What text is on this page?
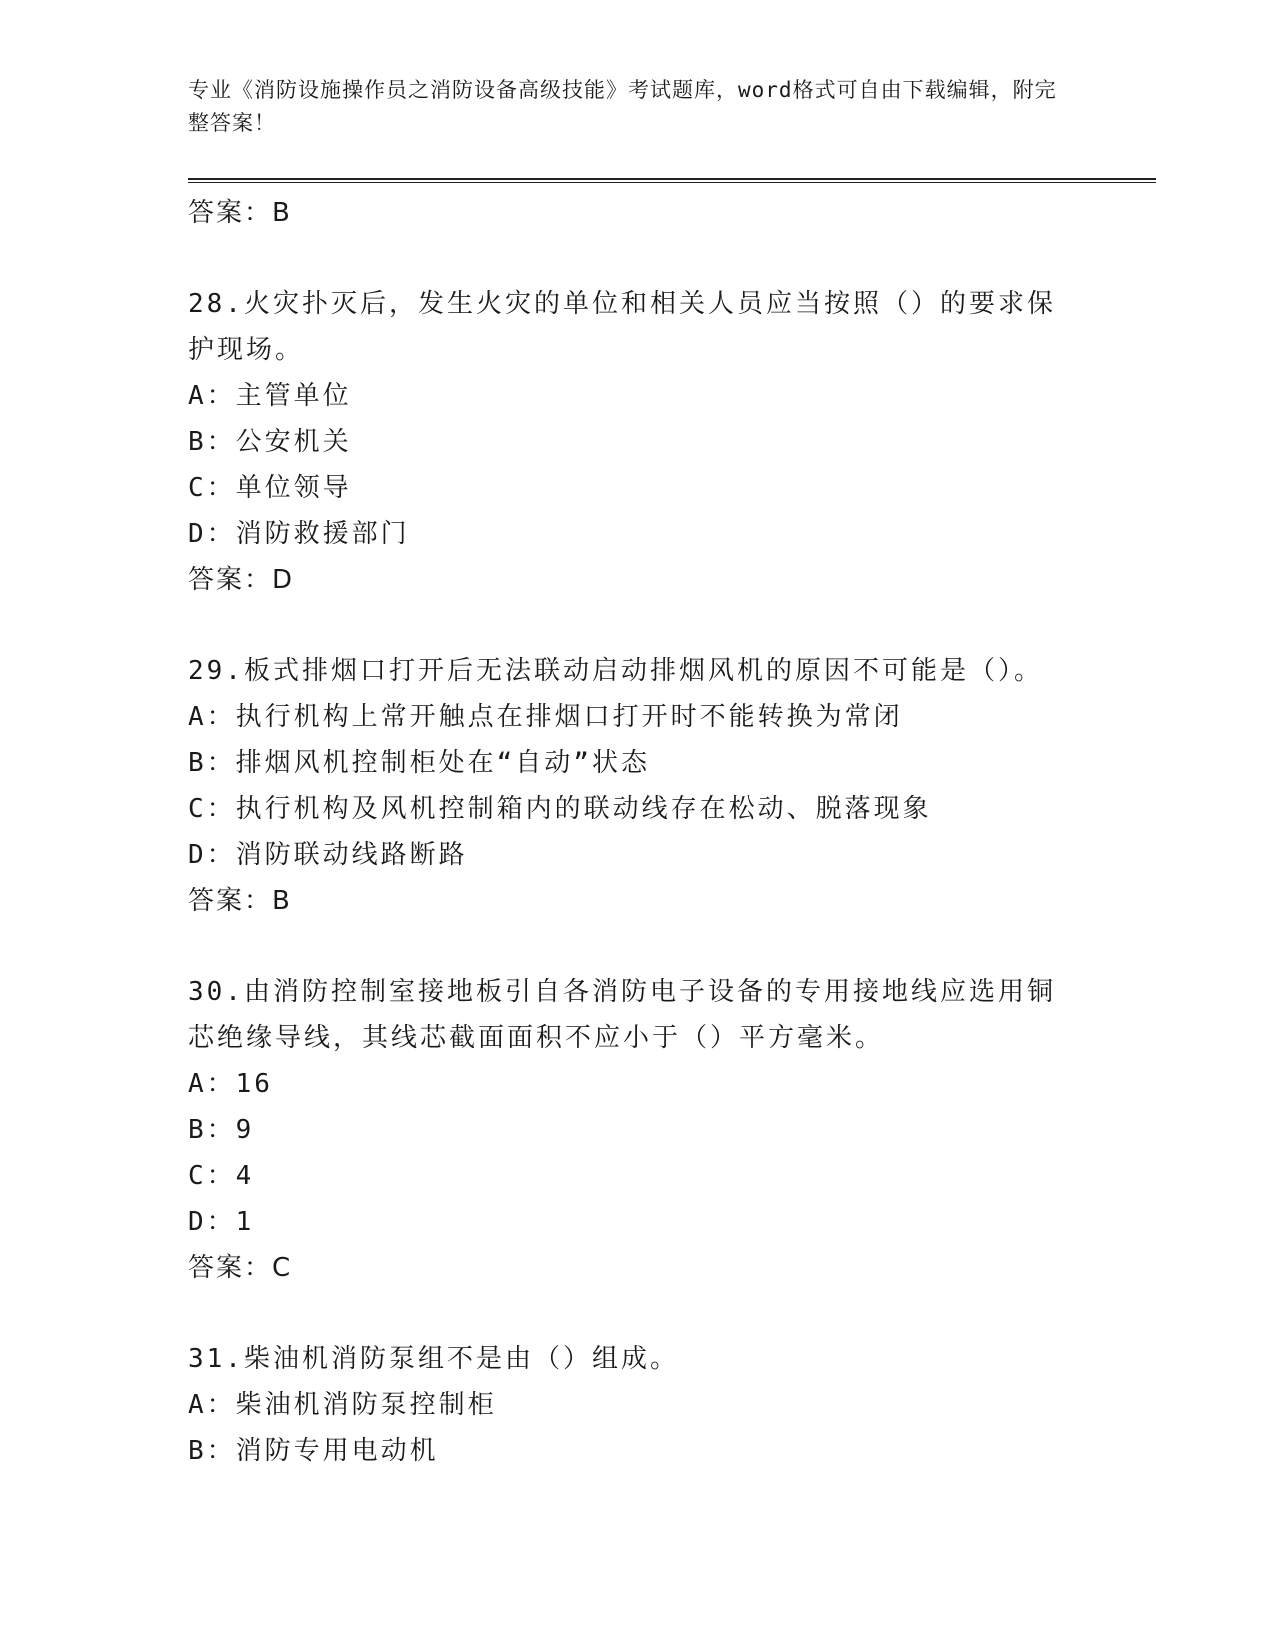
专业《消防设施操作员之消防设备高级技能》考试题库，word格式可自由下载编辑，附完整答案！
答案：B
28.火灾扑灭后，发生火灾的单位和相关人员应当按照（）的要求保护现场。
A：主管单位
B：公安机关
C：单位领导
D：消防救援部门
答案：D
29.板式排烟口打开后无法联动启动排烟风机的原因不可能是（）。
A：执行机构上常开触点在排烟口打开时不能转换为常闭
B：排烟风机控制柜处在“自动”状态
C：执行机构及风机控制箱内的联动线存在松动、脱落现象
D：消防联动线路断路
答案：B
30.由消防控制室接地板引自各消防电子设备的专用接地线应选用铜芯绝缘导线，其线芯截面面积不应小于（）平方毫米。
A：16
B：9
C：4
D：1
答案：C
31.柴油机消防泵组不是由（）组成。
A：柴油机消防泵控制柜
B：消防专用电动机
